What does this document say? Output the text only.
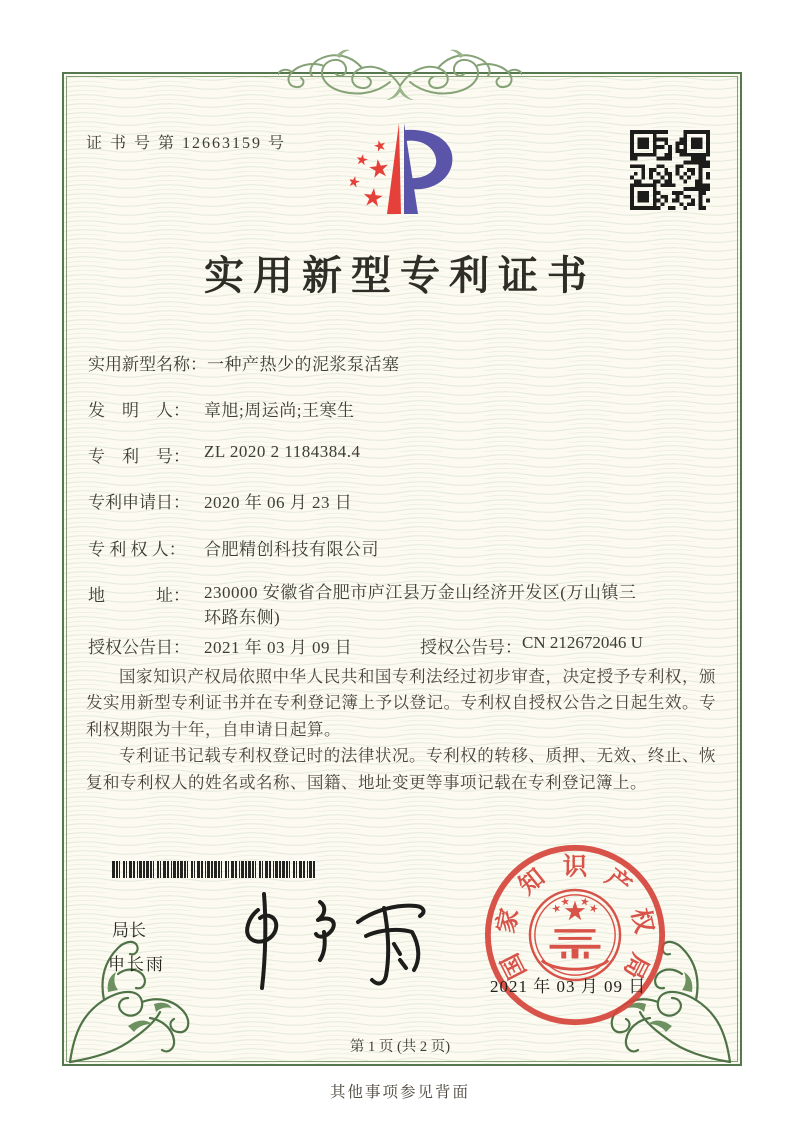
证 书 号 第 12663159 号
实用新型专利证书
实用新型名称： 一种产热少的泥浆泵活塞
发　明　人： 章旭;周运尚;王寒生
专　利　号： ZL 2020 2 1184384.4
专利申请日： 2020 年 06 月 23 日
专 利 权 人：	合肥精创科技有限公司
地　　　址： 230000 安徽省合肥市庐江县万金山经济开发区(万山镇三环路东侧)
授权公告日： 2021 年 03 月 09 日	授权公告号： CN 212672046 U

国家知识产权局依照中华人民共和国专利法经过初步审查，决定授予专利权，颁发实用新型专利证书并在专利登记簿上予以登记。专利权自授权公告之日起生效。专利权期限为十年，自申请日起算。

专利证书记载专利权登记时的法律状况。专利权的转移、质押、无效、终止、恢复和专利权人的姓名或名称、国籍、地址变更等事项记载在专利登记簿上。

局长
申长雨	国
家
知 识 产
权
局
2021 年 03 月 09 日
第 1 页 (共 2 页)
其他事项参见背面
